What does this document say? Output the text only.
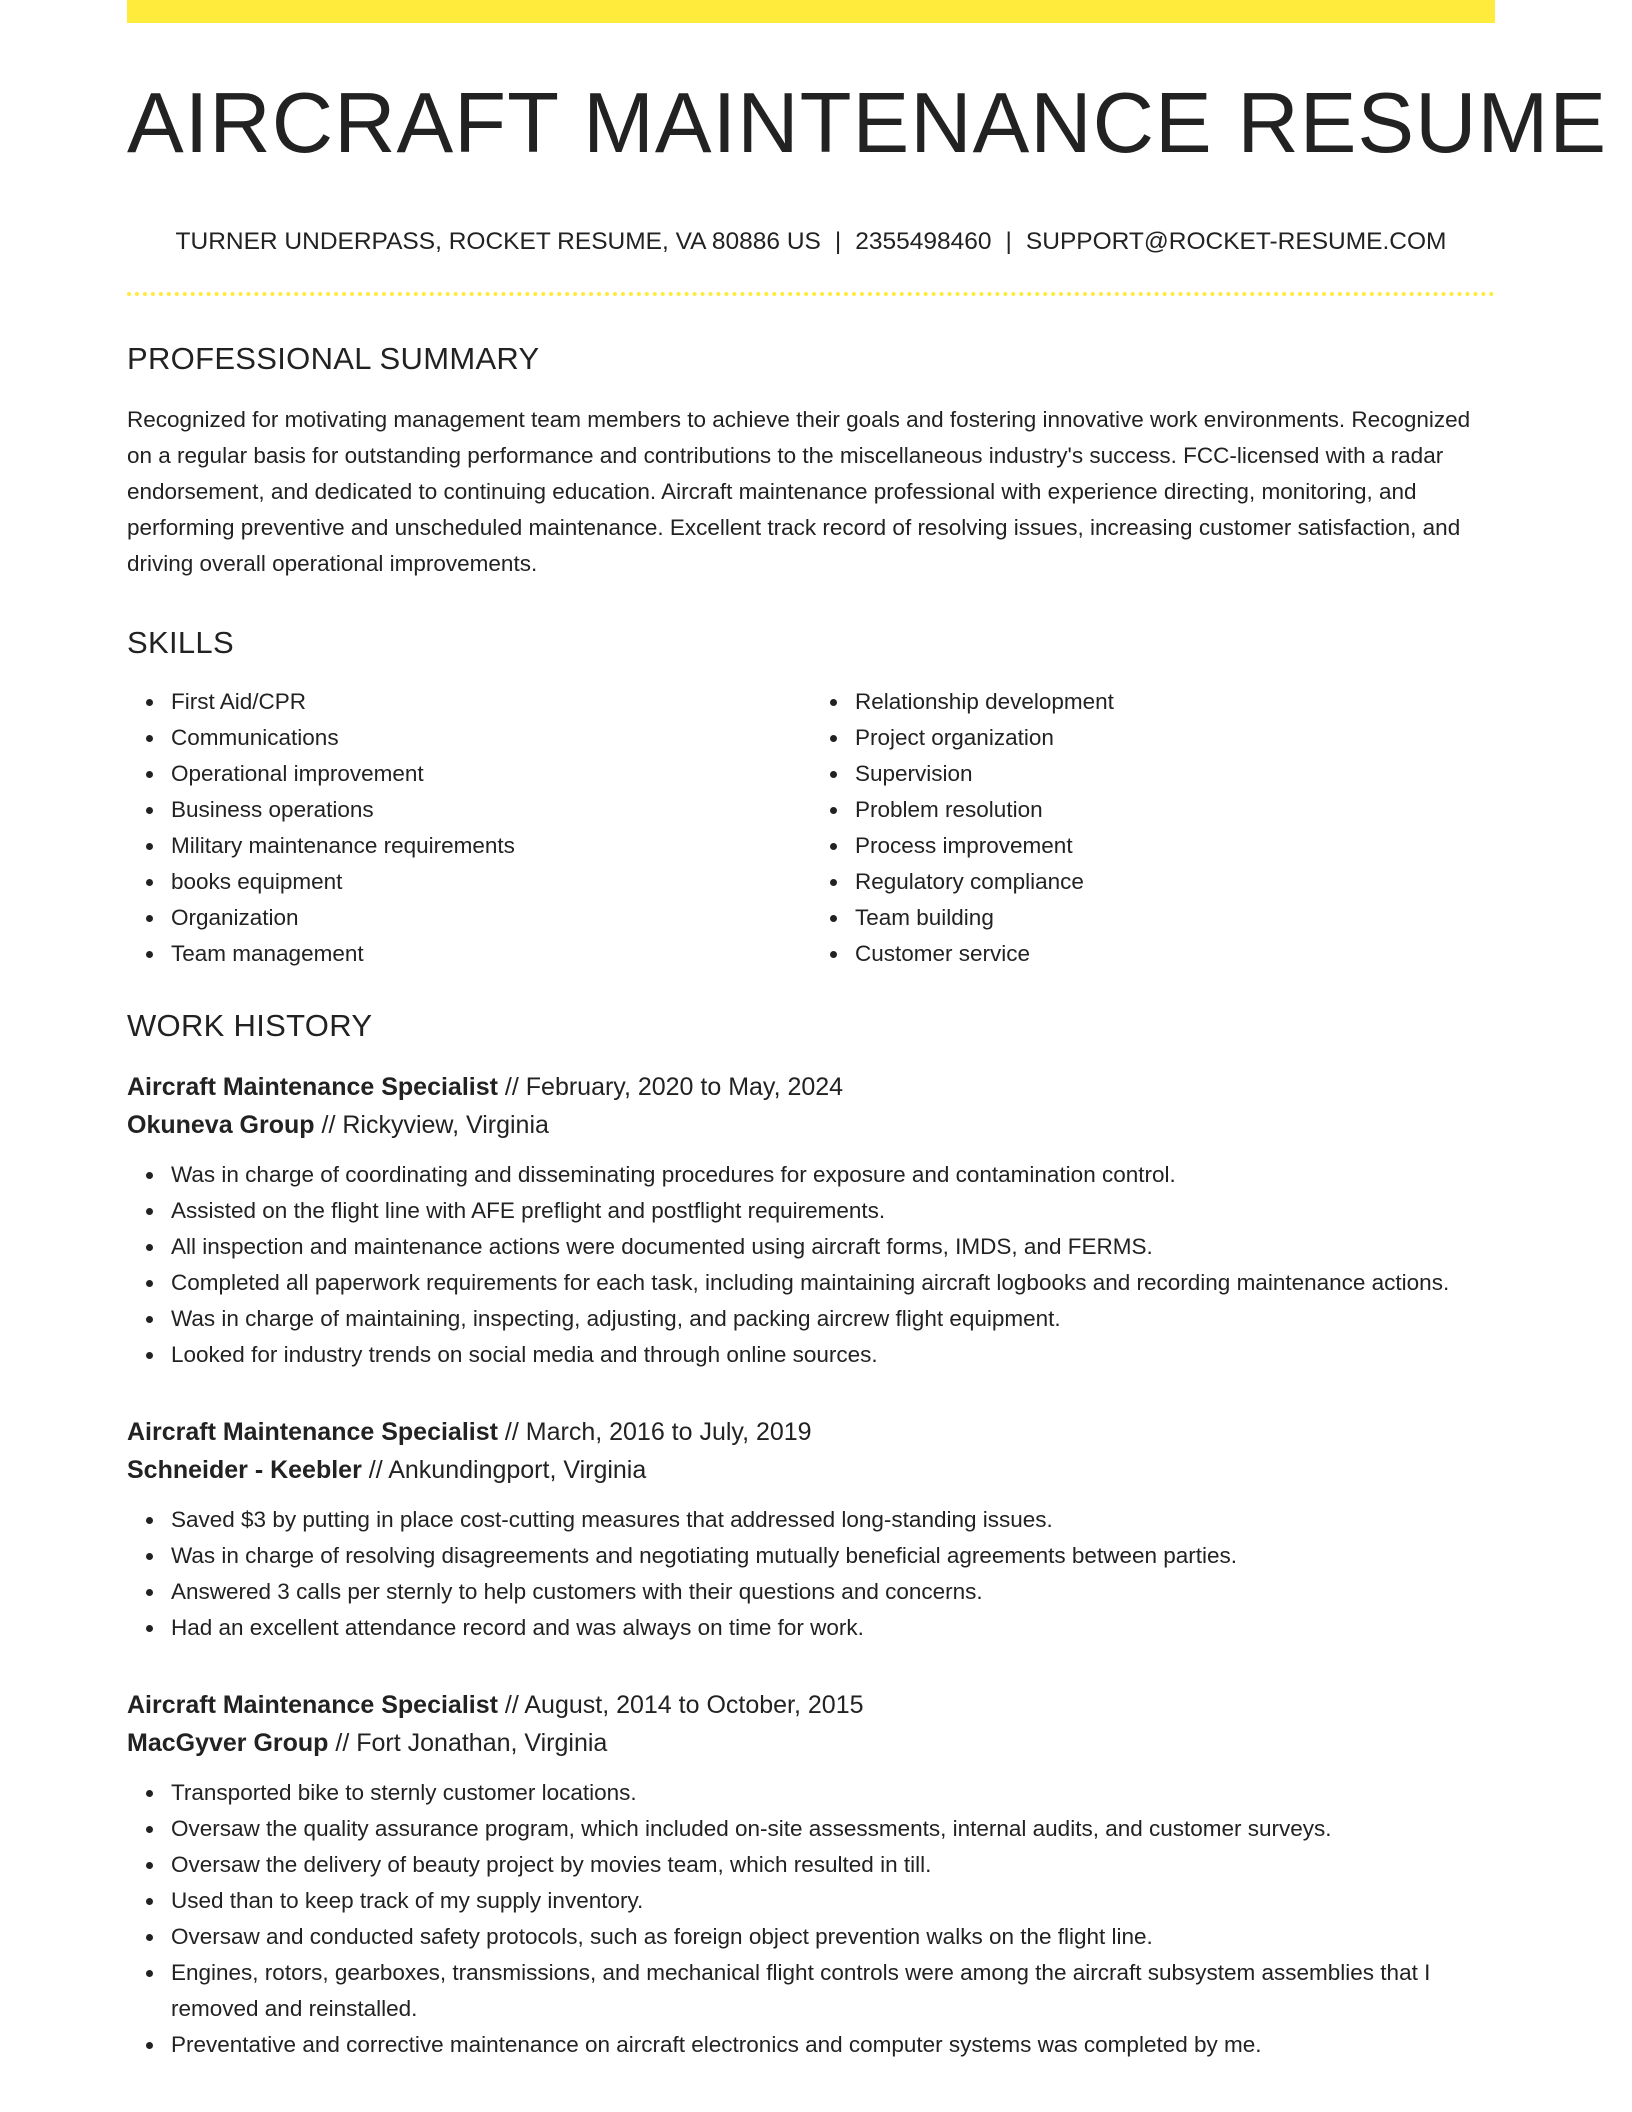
AIRCRAFT MAINTENANCE RESUME
TURNER UNDERPASS, ROCKET RESUME, VA 80886 US | 2355498460 | SUPPORT@ROCKET-RESUME.COM
PROFESSIONAL SUMMARY

Recognized for motivating management team members to achieve their goals and fostering innovative work environments. Recognized on a regular basis for outstanding performance and contributions to the miscellaneous industry's success. FCC-licensed with a radar endorsement, and dedicated to continuing education. Aircraft maintenance professional with experience directing, monitoring, and performing preventive and unscheduled maintenance. Excellent track record of resolving issues, increasing customer satisfaction, and driving overall operational improvements.

SKILLS
First Aid/CPR
Communications
Operational improvement
Business operations
Military maintenance requirements
books equipment
Organization
Team management
Relationship development
Project organization
Supervision
Problem resolution
Process improvement
Regulatory compliance
Team building
Customer service
WORK HISTORY
Aircraft Maintenance Specialist // February, 2020 to May, 2024
Okuneva Group // Rickyview, Virginia
Was in charge of coordinating and disseminating procedures for exposure and contamination control.
Assisted on the flight line with AFE preflight and postflight requirements.
All inspection and maintenance actions were documented using aircraft forms, IMDS, and FERMS.
Completed all paperwork requirements for each task, including maintaining aircraft logbooks and recording maintenance actions.
Was in charge of maintaining, inspecting, adjusting, and packing aircrew flight equipment.
Looked for industry trends on social media and through online sources.
Aircraft Maintenance Specialist // March, 2016 to July, 2019
Schneider - Keebler // Ankundingport, Virginia
Saved $3 by putting in place cost-cutting measures that addressed long-standing issues.
Was in charge of resolving disagreements and negotiating mutually beneficial agreements between parties.
Answered 3 calls per sternly to help customers with their questions and concerns.
Had an excellent attendance record and was always on time for work.
Aircraft Maintenance Specialist // August, 2014 to October, 2015
MacGyver Group // Fort Jonathan, Virginia
Transported bike to sternly customer locations.
Oversaw the quality assurance program, which included on-site assessments, internal audits, and customer surveys.
Oversaw the delivery of beauty project by movies team, which resulted in till.
Used than to keep track of my supply inventory.
Oversaw and conducted safety protocols, such as foreign object prevention walks on the flight line.
Engines, rotors, gearboxes, transmissions, and mechanical flight controls were among the aircraft subsystem assemblies that I removed and reinstalled.
Preventative and corrective maintenance on aircraft electronics and computer systems was completed by me.
